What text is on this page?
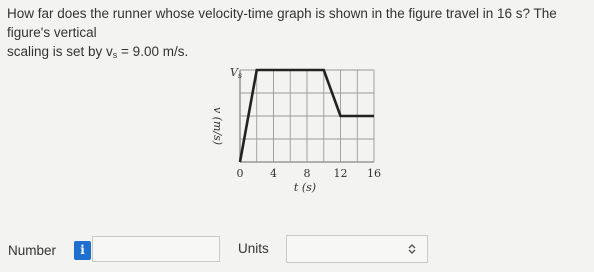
How far does the runner whose velocity-time graph is shown in the figure travel in 16 s? The figure's vertical
scaling is set by $v_s = 9.00$ m/s.
Vs
v (m/s)
0 4 8 12 16
t (s)
Number	i	Units
